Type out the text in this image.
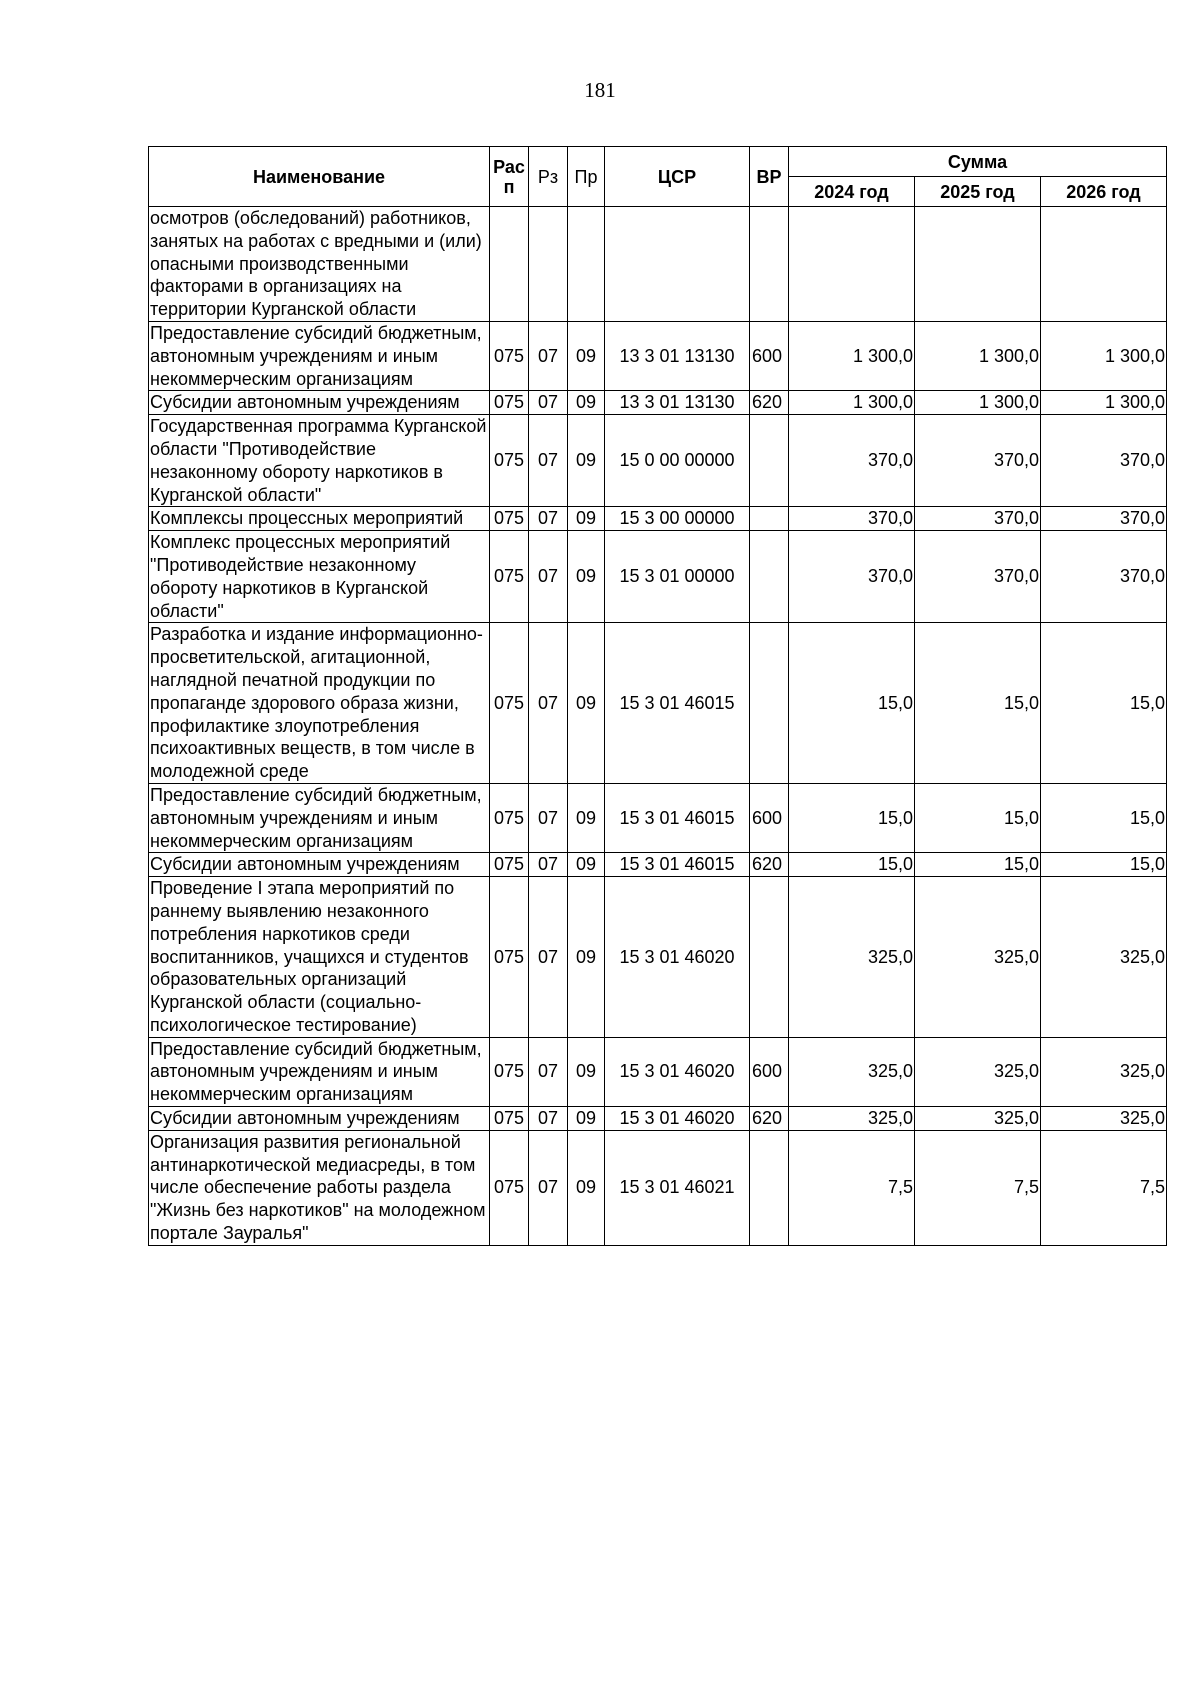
181
Наименование	Рас п	Рз	Пр	ЦСР	ВР	Сумма		
						2024 год	2025 год	2026 год
осмотров (обследований) работников, занятых на работах с вредными и (или) опасными производственными факторами в организациях на территории Курганской области								
Предоставление субсидий бюджетным, автономным учреждениям и иным некоммерческим организациям	075	07	09	13 3 01 13130	600	1 300,0	1 300,0	1 300,0
Субсидии автономным учреждениям	075	07	09	13 3 01 13130	620	1 300,0	1 300,0	1 300,0
Государственная программа Курганской области "Противодействие незаконному обороту наркотиков в Курганской области"	075	07	09	15 0 00 00000		370,0	370,0	370,0
Комплексы процессных мероприятий	075	07	09	15 3 00 00000		370,0	370,0	370,0
Комплекс процессных мероприятий "Противодействие незаконному обороту наркотиков в Курганской области"	075	07	09	15 3 01 00000		370,0	370,0	370,0
Разработка и издание информационно-просветительской, агитационной, наглядной печатной продукции по пропаганде здорового образа жизни, профилактике злоупотребления психоактивных веществ, в том числе в молодежной среде	075	07	09	15 3 01 46015		15,0	15,0	15,0
Предоставление субсидий бюджетным, автономным учреждениям и иным некоммерческим организациям	075	07	09	15 3 01 46015	600	15,0	15,0	15,0
Субсидии автономным учреждениям	075	07	09	15 3 01 46015	620	15,0	15,0	15,0
Проведение I этапа мероприятий по раннему выявлению незаконного потребления наркотиков среди воспитанников, учащихся и студентов образовательных организаций Курганской области (социально-психологическое тестирование)	075	07	09	15 3 01 46020		325,0	325,0	325,0
Предоставление субсидий бюджетным, автономным учреждениям и иным некоммерческим организациям	075	07	09	15 3 01 46020	600	325,0	325,0	325,0
Субсидии автономным учреждениям	075	07	09	15 3 01 46020	620	325,0	325,0	325,0
Организация развития региональной антинаркотической медиасреды, в том числе обеспечение работы раздела "Жизнь без наркотиков" на молодежном портале Зауралья"	075	07	09	15 3 01 46021		7,5	7,5	7,5
